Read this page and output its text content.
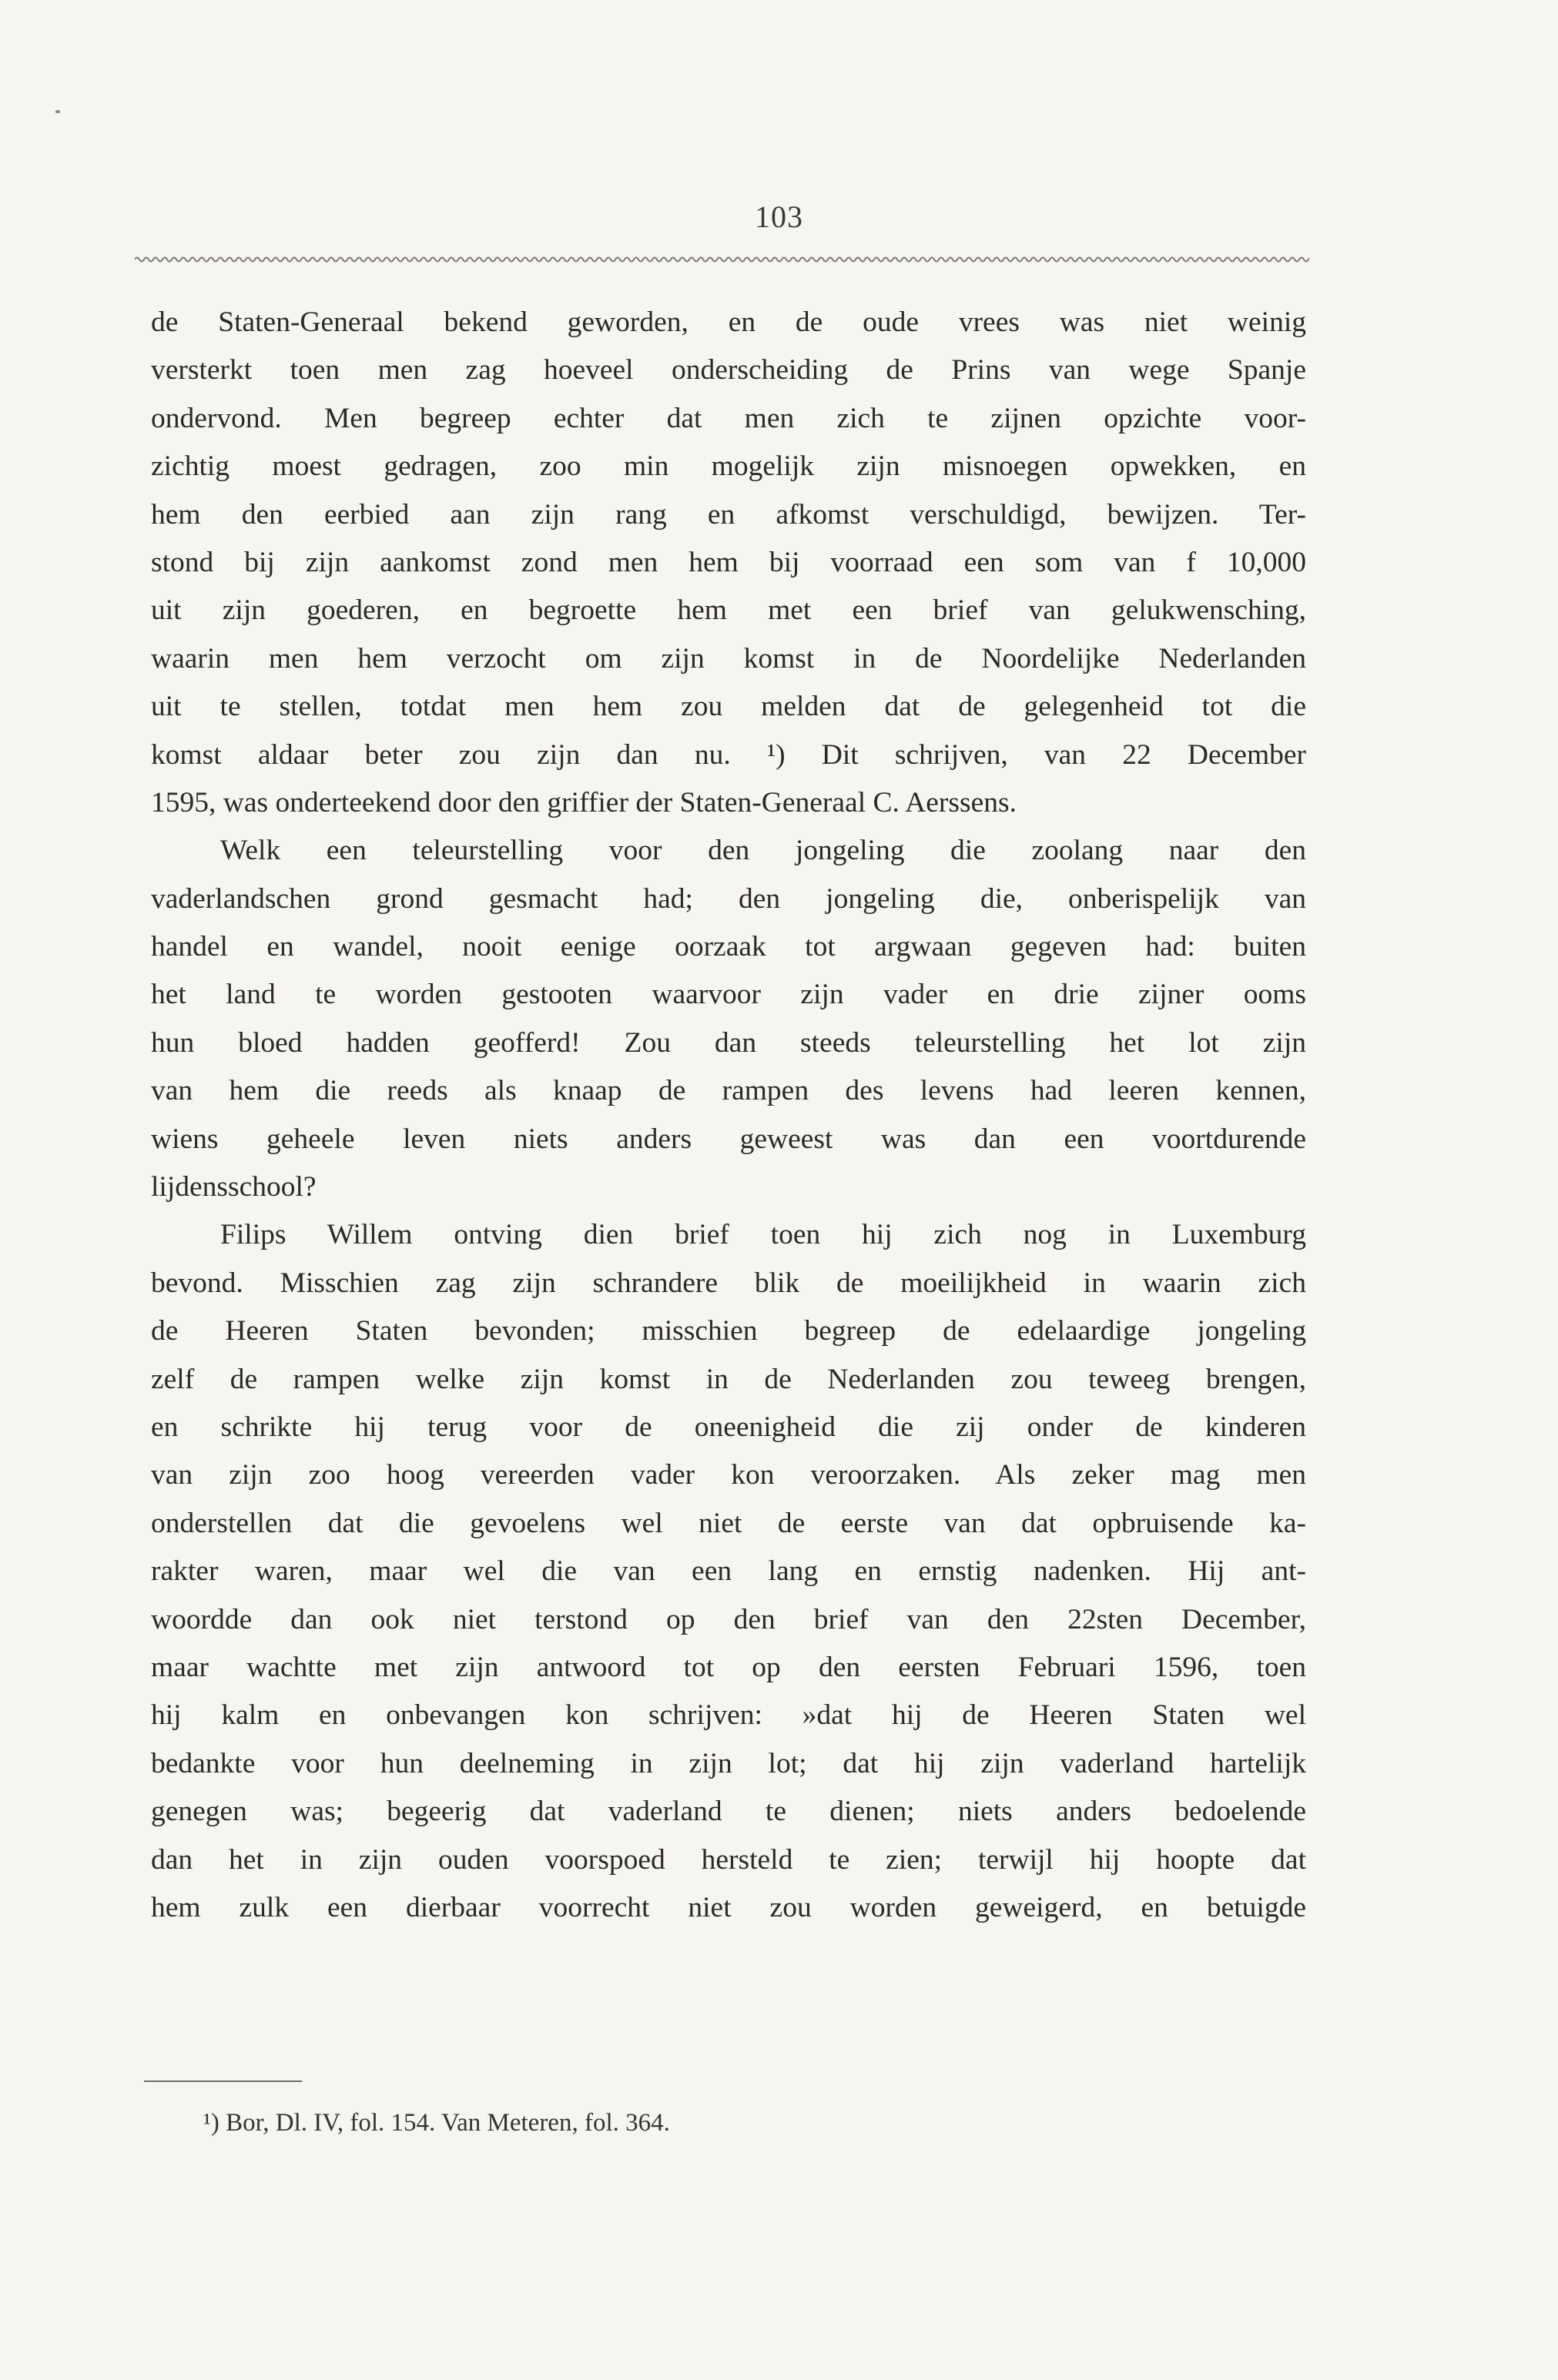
103
de Staten-Generaal bekend geworden, en de oude vrees was niet weinig
versterkt toen men zag hoeveel onderscheiding de Prins van wege Spanje
ondervond. Men begreep echter dat men zich te zijnen opzichte voor-
zichtig moest gedragen, zoo min mogelijk zijn misnoegen opwekken, en
hem den eerbied aan zijn rang en afkomst verschuldigd, bewijzen. Ter-
stond bij zijn aankomst zond men hem bij voorraad een som van f 10,000
uit zijn goederen, en begroette hem met een brief van gelukwensching,
waarin men hem verzocht om zijn komst in de Noordelijke Nederlanden
uit te stellen, totdat men hem zou melden dat de gelegenheid tot die
komst aldaar beter zou zijn dan nu. ¹) Dit schrijven, van 22 December
1595, was onderteekend door den griffier der Staten-Generaal C. Aerssens.
Welk een teleurstelling voor den jongeling die zoolang naar den
vaderlandschen grond gesmacht had; den jongeling die, onberispelijk van
handel en wandel, nooit eenige oorzaak tot argwaan gegeven had: buiten
het land te worden gestooten waarvoor zijn vader en drie zijner ooms
hun bloed hadden geofferd! Zou dan steeds teleurstelling het lot zijn
van hem die reeds als knaap de rampen des levens had leeren kennen,
wiens geheele leven niets anders geweest was dan een voortdurende
lijdensschool?
Filips Willem ontving dien brief toen hij zich nog in Luxemburg
bevond. Misschien zag zijn schrandere blik de moeilijkheid in waarin zich
de Heeren Staten bevonden; misschien begreep de edelaardige jongeling
zelf de rampen welke zijn komst in de Nederlanden zou teweeg brengen,
en schrikte hij terug voor de oneenigheid die zij onder de kinderen
van zijn zoo hoog vereerden vader kon veroorzaken. Als zeker mag men
onderstellen dat die gevoelens wel niet de eerste van dat opbruisende ka-
rakter waren, maar wel die van een lang en ernstig nadenken. Hij ant-
woordde dan ook niet terstond op den brief van den 22sten December,
maar wachtte met zijn antwoord tot op den eersten Februari 1596, toen
hij kalm en onbevangen kon schrijven: »dat hij de Heeren Staten wel
bedankte voor hun deelneming in zijn lot; dat hij zijn vaderland hartelijk
genegen was; begeerig dat vaderland te dienen; niets anders bedoelende
dan het in zijn ouden voorspoed hersteld te zien; terwijl hij hoopte dat
hem zulk een dierbaar voorrecht niet zou worden geweigerd, en betuigde
¹) Bor, Dl. IV, fol. 154. Van Meteren, fol. 364.
